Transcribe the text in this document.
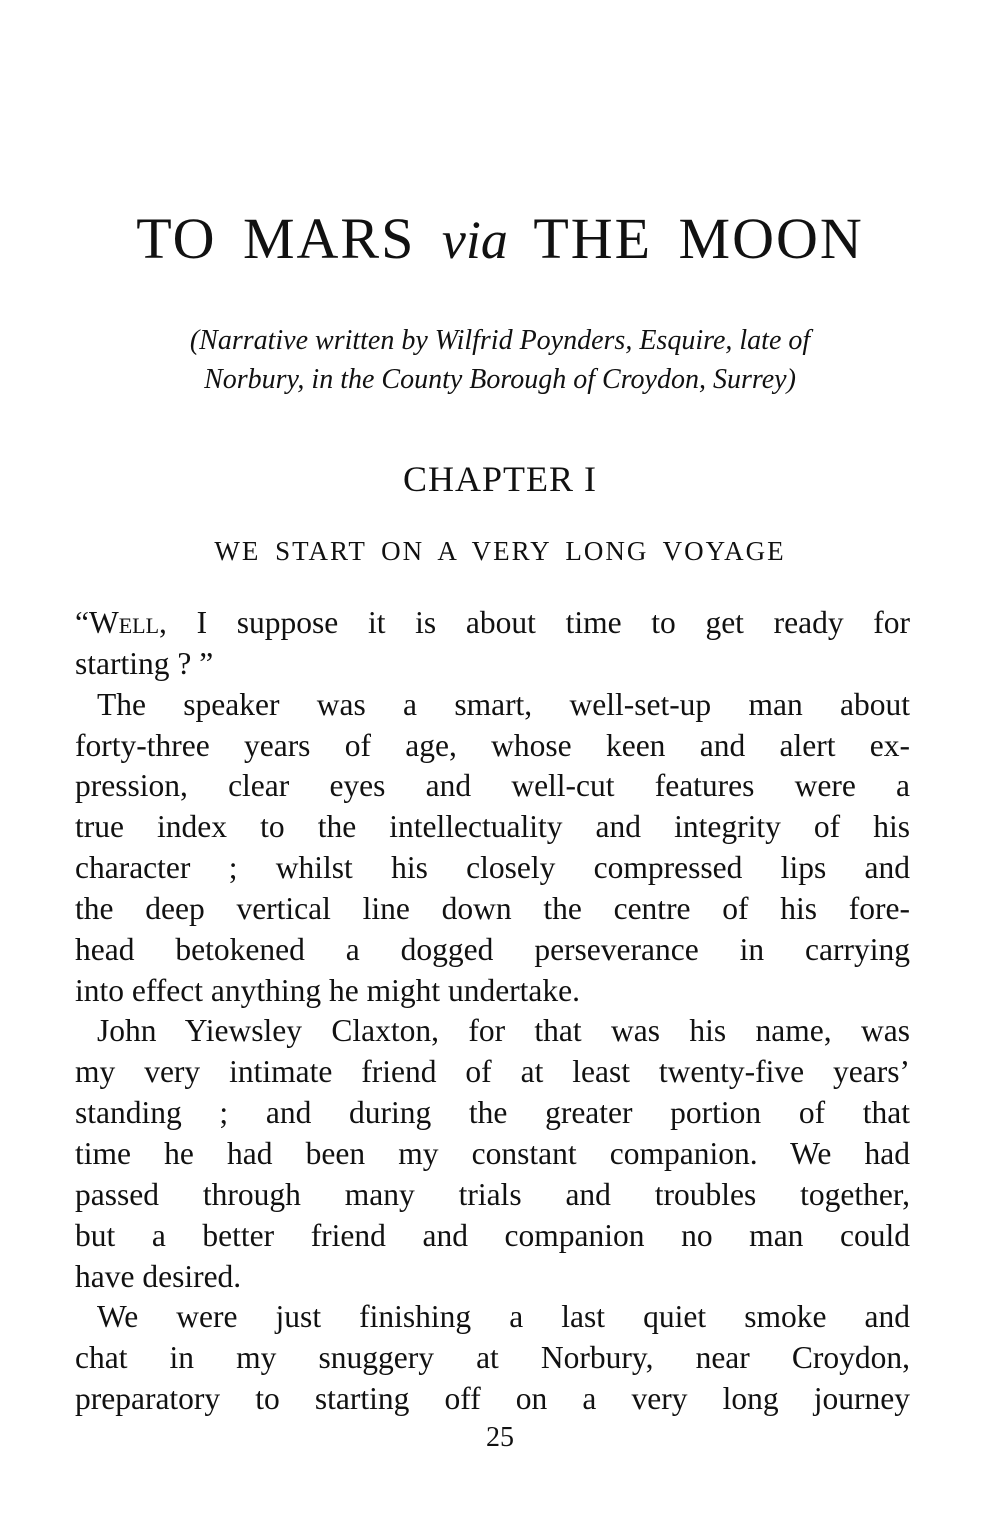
TO MARS via THE MOON
(Narrative written by Wilfrid Poynders, Esquire, late of
Norbury, in the County Borough of Croydon, Surrey)
CHAPTER I
WE START ON A VERY LONG VOYAGE
“Well, I suppose it is about time to get ready for
starting ? ”
The speaker was a smart, well-set-up man about
forty-three years of age, whose keen and alert ex-
pression, clear eyes and well-cut features were a
true index to the intellectuality and integrity of his
character ; whilst his closely compressed lips and
the deep vertical line down the centre of his fore-
head betokened a dogged perseverance in carrying
into effect anything he might undertake.
John Yiewsley Claxton, for that was his name, was
my very intimate friend of at least twenty-five years’
standing ; and during the greater portion of that
time he had been my constant companion. We had
passed through many trials and troubles together,
but a better friend and companion no man could
have desired.
We were just finishing a last quiet smoke and
chat in my snuggery at Norbury, near Croydon,
preparatory to starting off on a very long journey
25
